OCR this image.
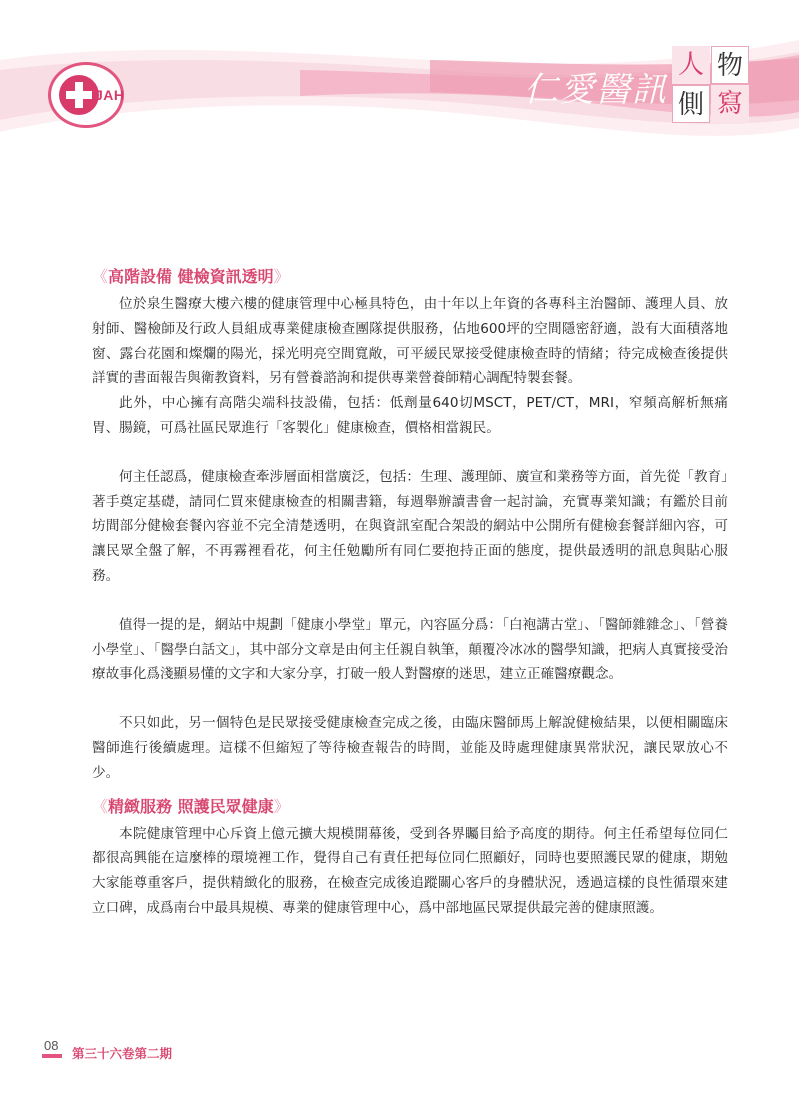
JAH	仁愛醫訊
人 物
側 寫
《高階設備 健檢資訊透明》

位於泉生醫療大樓六樓的健康管理中心極具特色，由十年以上年資的各專科主治醫師、護理人員、放射師、醫檢師及行政人員組成專業健康檢查團隊提供服務，佔地600坪的空間隱密舒適，設有大面積落地窗、露台花園和燦爛的陽光，採光明亮空間寬敞，可平緩民眾接受健康檢查時的情緒；待完成檢查後提供詳實的書面報告與衛教資料，另有營養諮詢和提供專業營養師精心調配特製套餐。

此外，中心擁有高階尖端科技設備，包括：低劑量640切MSCT，PET/CT，MRI，窄頻高解析無痛胃、腸鏡，可爲社區民眾進行「客製化」健康檢查，價格相當親民。

何主任認爲，健康檢查牽涉層面相當廣泛，包括：生理、護理師、廣宣和業務等方面，首先從「教育」著手奠定基礎，請同仁買來健康檢查的相關書籍，每週舉辦讀書會一起討論，充實專業知識；有鑑於目前坊間部分健檢套餐內容並不完全清楚透明，在與資訊室配合架設的網站中公開所有健檢套餐詳細內容，可讓民眾全盤了解，不再霧裡看花，何主任勉勵所有同仁要抱持正面的態度，提供最透明的訊息與貼心服務。

值得一提的是，網站中規劃「健康小學堂」單元，內容區分爲：「白袍講古堂」、「醫師雜雜念」、「營養小學堂」、「醫學白話文」，其中部分文章是由何主任親自執筆，顛覆冷冰冰的醫學知識，把病人真實接受治療故事化爲淺顯易懂的文字和大家分享，打破一般人對醫療的迷思，建立正確醫療觀念。

不只如此，另一個特色是民眾接受健康檢查完成之後，由臨床醫師馬上解說健檢結果，以便相關臨床醫師進行後續處理。這樣不但縮短了等待檢查報告的時間，並能及時處理健康異常狀況，讓民眾放心不少。

《精緻服務 照護民眾健康》

本院健康管理中心斥資上億元擴大規模開幕後，受到各界矚目給予高度的期待。何主任希望每位同仁都很高興能在這麼棒的環境裡工作，覺得自己有責任把每位同仁照顧好，同時也要照護民眾的健康，期勉大家能尊重客戶，提供精緻化的服務，在檢查完成後追蹤關心客戶的身體狀況，透過這樣的良性循環來建立口碑，成爲南台中最具規模、專業的健康管理中心，爲中部地區民眾提供最完善的健康照護。

08
第三十六卷第二期
